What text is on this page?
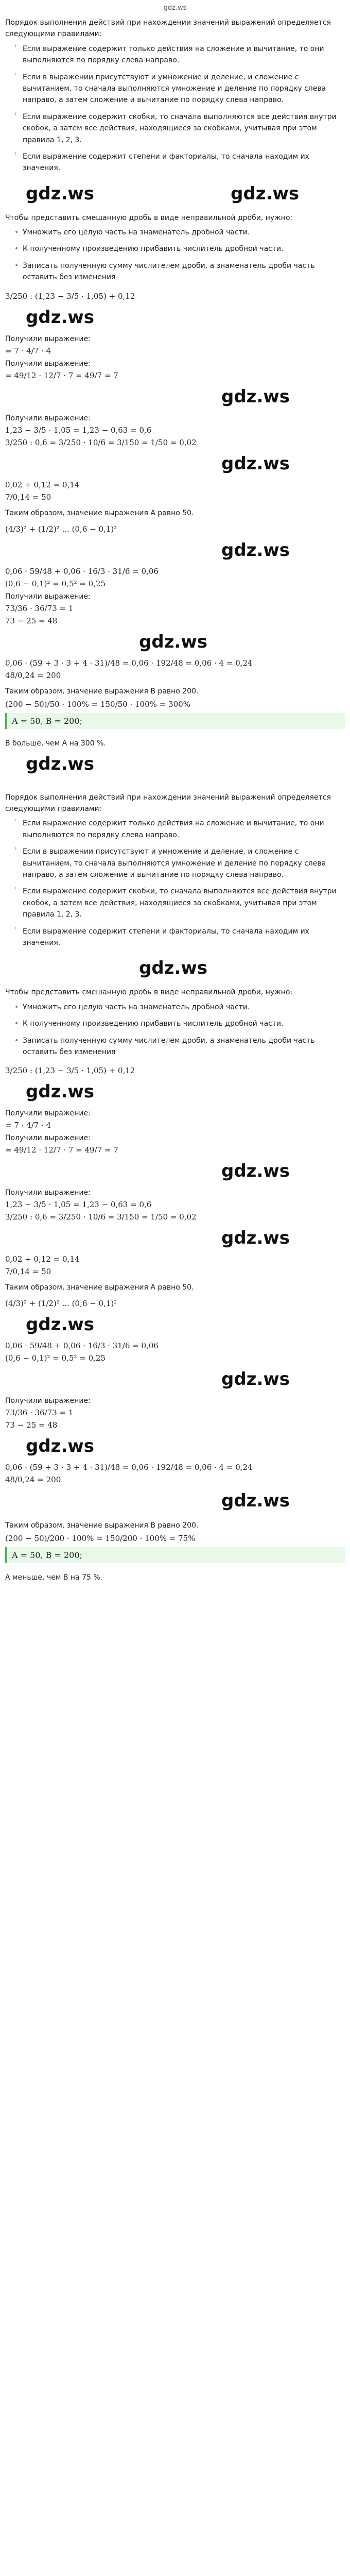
gdz.ws

Порядок выполнения действий при нахождении значений выражений определяется следующими правилами:

¹ Если выражение содержит только действия на сложение и вычитание, то они выполняются по порядку слева направо.
¹ Если в выражении присутствуют и умножение и деление, и сложение с вычитанием, то сначала выполняются умножение и деление по порядку слева направо, а затем сложение и вычитание по порядку слева направо.
¹ Если выражение содержит скобки, то сначала выполняются все действия внутри скобок, а затем все действия, находящиеся за скобками, учитывая при этом правила 1, 2, 3.
¹ Если выражение содержит степени и факториалы, то сначала находим их значения.
gdz.ws	gdz.ws

Чтобы представить смешанную дробь в виде неправильной дроби, нужно:

• Умножить его целую часть на знаменатель дробной части.
• К полученному произведению прибавить числитель дробной части.
• Записать полученную сумму числителем дроби, а знаменатель дроби часть оставить без изменения
3/250 : (1,23 − 3/5 · 1,05) + 0,12
gdz.ws
Получили выражение:
= 7 · 4/7 · 4
Получили выражение:
= 49/12 · 12/7 · 7 = 49/7 = 7
gdz.ws
Получили выражение:
1,23 − 3/5 · 1,05 = 1,23 − 0,63 = 0,6
3/250 : 0,6 = 3/250 · 10/6 = 3/150 = 1/50 = 0,02
gdz.ws
0,02 + 0,12 = 0,14
7/0,14 = 50

Таким образом, значение выражения A равно 50.

(4/3)² + (1/2)² ... (0,6 − 0,1)²
gdz.ws
0,06 · 59/48 + 0,06 · 16/3 · 31/6 = 0,06
(0,6 − 0,1)² = 0,5² = 0,25
Получили выражение:
73/36 · 36/73 = 1
73 − 25 = 48
gdz.ws
0,06 · (59 + 3 · 3 + 4 · 31)/48 = 0,06 · 192/48 = 0,06 · 4 = 0,24
48/0,24 = 200

Таким образом, значение выражения B равно 200.

(200 − 50)/50 · 100% = 150/50 · 100% = 300%
A = 50, B = 200;

В больше, чем A на 300 %.

gdz.ws

Порядок выполнения действий при нахождении значений выражений определяется следующими правилами:

¹ Если выражение содержит только действия на сложение и вычитание, то они выполняются по порядку слева направо.
¹ Если в выражении присутствуют и умножение и деление, и сложение с вычитанием, то сначала выполняются умножение и деление по порядку слева направо, а затем сложение и вычитание по порядку слева направо.
¹ Если выражение содержит скобки, то сначала выполняются все действия внутри скобок, а затем все действия, находящиеся за скобками, учитывая при этом правила 1, 2, 3.
¹ Если выражение содержит степени и факториалы, то сначала находим их значения.
gdz.ws

Чтобы представить смешанную дробь в виде неправильной дроби, нужно:

• Умножить его целую часть на знаменатель дробной части.
• К полученному произведению прибавить числитель дробной части.
• Записать полученную сумму числителем дроби, а знаменатель дроби часть оставить без изменения
3/250 : (1,23 − 3/5 · 1,05) + 0,12
gdz.ws
Получили выражение:
= 7 · 4/7 · 4
Получили выражение:
= 49/12 · 12/7 · 7 = 49/7 = 7
gdz.ws
Получили выражение:
1,23 − 3/5 · 1,05 = 1,23 − 0,63 = 0,6
3/250 : 0,6 = 3/250 · 10/6 = 3/150 = 1/50 = 0,02
gdz.ws
0,02 + 0,12 = 0,14
7/0,14 = 50

Таким образом, значение выражения A равно 50.

(4/3)² + (1/2)² ... (0,6 − 0,1)²
gdz.ws
0,06 · 59/48 + 0,06 · 16/3 · 31/6 = 0,06
(0,6 − 0,1)² = 0,5² = 0,25
gdz.ws
Получили выражение:
73/36 · 36/73 = 1
73 − 25 = 48
gdz.ws
0,06 · (59 + 3 · 3 + 4 · 31)/48 = 0,06 · 192/48 = 0,06 · 4 = 0,24
48/0,24 = 200
gdz.ws

Таким образом, значение выражения B равно 200.

(200 − 50)/200 · 100% = 150/200 · 100% = 75%
A = 50, B = 200;

A меньше, чем B на 75 %.
